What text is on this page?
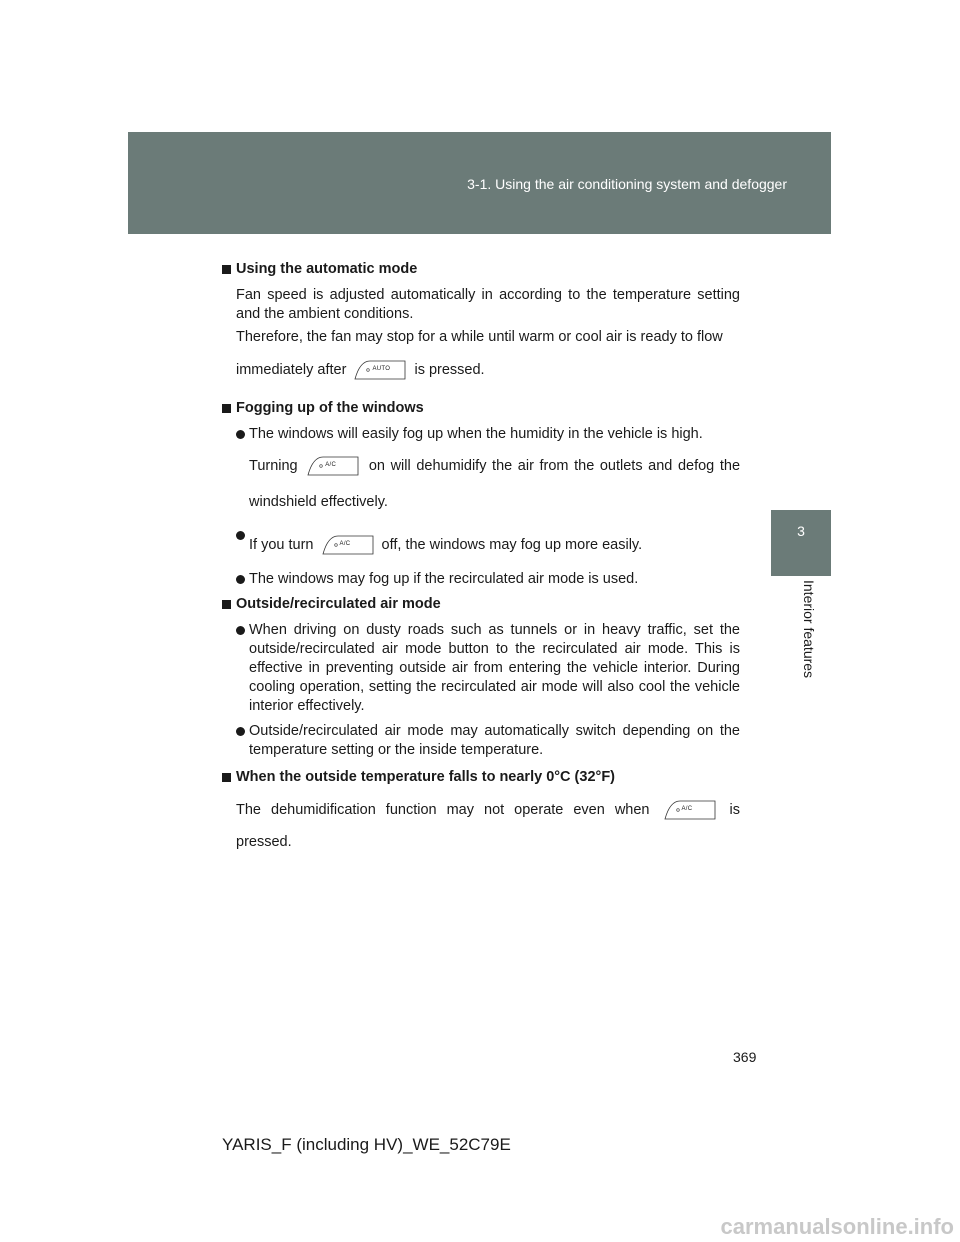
3-1. Using the air conditioning system and defogger
3
Interior features
Using the automatic mode

Fan speed is adjusted automatically in according to the temperature setting and the ambient conditions.

Therefore, the fan may stop for a while until warm or cool air is ready to flow

immediately after	AUTO is pressed.

Fogging up of the windows
The windows will easily fog up when the humidity in the vehicle is high.
Turning	A/C on will dehumidify the air from the outlets and defog the windshield effectively.
If you turn	A/C off, the windows may fog up more easily.
The windows may fog up if the recirculated air mode is used.
Outside/recirculated air mode
When driving on dusty roads such as tunnels or in heavy traffic, set the outside/recirculated air mode button to the recirculated air mode. This is effective in preventing outside air from entering the vehicle interior. During cooling operation, setting the recirculated air mode will also cool the vehicle interior effectively.
Outside/recirculated air mode may automatically switch depending on the temperature setting or the inside temperature.
When the outside temperature falls to nearly 0°C (32°F)

The dehumidification function may not operate even when	A/C	is pressed.

369
YARIS_F (including HV)_WE_52C79E
carmanualsonline.info
